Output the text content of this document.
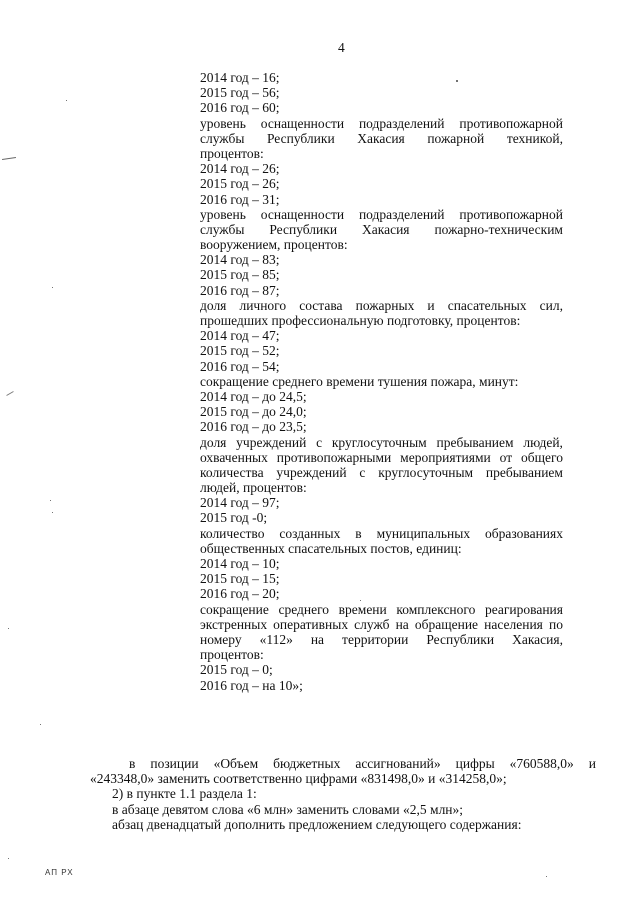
4
2014 год – 16;
2015 год – 56;
2016 год – 60;
уровень оснащенности подразделений противопожарной
службы Республики Хакасия пожарной техникой,
процентов:
2014 год – 26;
2015 год – 26;
2016 год – 31;
уровень оснащенности подразделений противопожарной
службы Республики Хакасия пожарно-техническим
вооружением, процентов:
2014 год – 83;
2015 год – 85;
2016 год – 87;
доля личного состава пожарных и спасательных сил,
прошедших профессиональную подготовку, процентов:
2014 год – 47;
2015 год – 52;
2016 год – 54;
сокращение среднего времени тушения пожара, минут:
2014 год – до 24,5;
2015 год – до 24,0;
2016 год – до 23,5;
доля учреждений с круглосуточным пребыванием людей,
охваченных противопожарными мероприятиями от общего
количества учреждений с круглосуточным пребыванием
людей, процентов:
2014 год – 97;
2015 год -0;
количество созданных в муниципальных образованиях
общественных спасательных постов, единиц:
2014 год – 10;
2015 год – 15;
2016 год – 20;
сокращение среднего времени комплексного реагирования
экстренных оперативных служб на обращение населения по
номеру «112» на территории Республики Хакасия,
процентов:
2015 год – 0;
2016 год – на 10»;
в позиции «Объем бюджетных ассигнований» цифры «760588,0» и
«243348,0» заменить соответственно цифрами «831498,0» и «314258,0»;
2) в пункте 1.1 раздела 1:
в абзаце девятом слова «6 млн» заменить словами «2,5 млн»;
абзац двенадцатый дополнить предложением следующего содержания:
АП РХ
